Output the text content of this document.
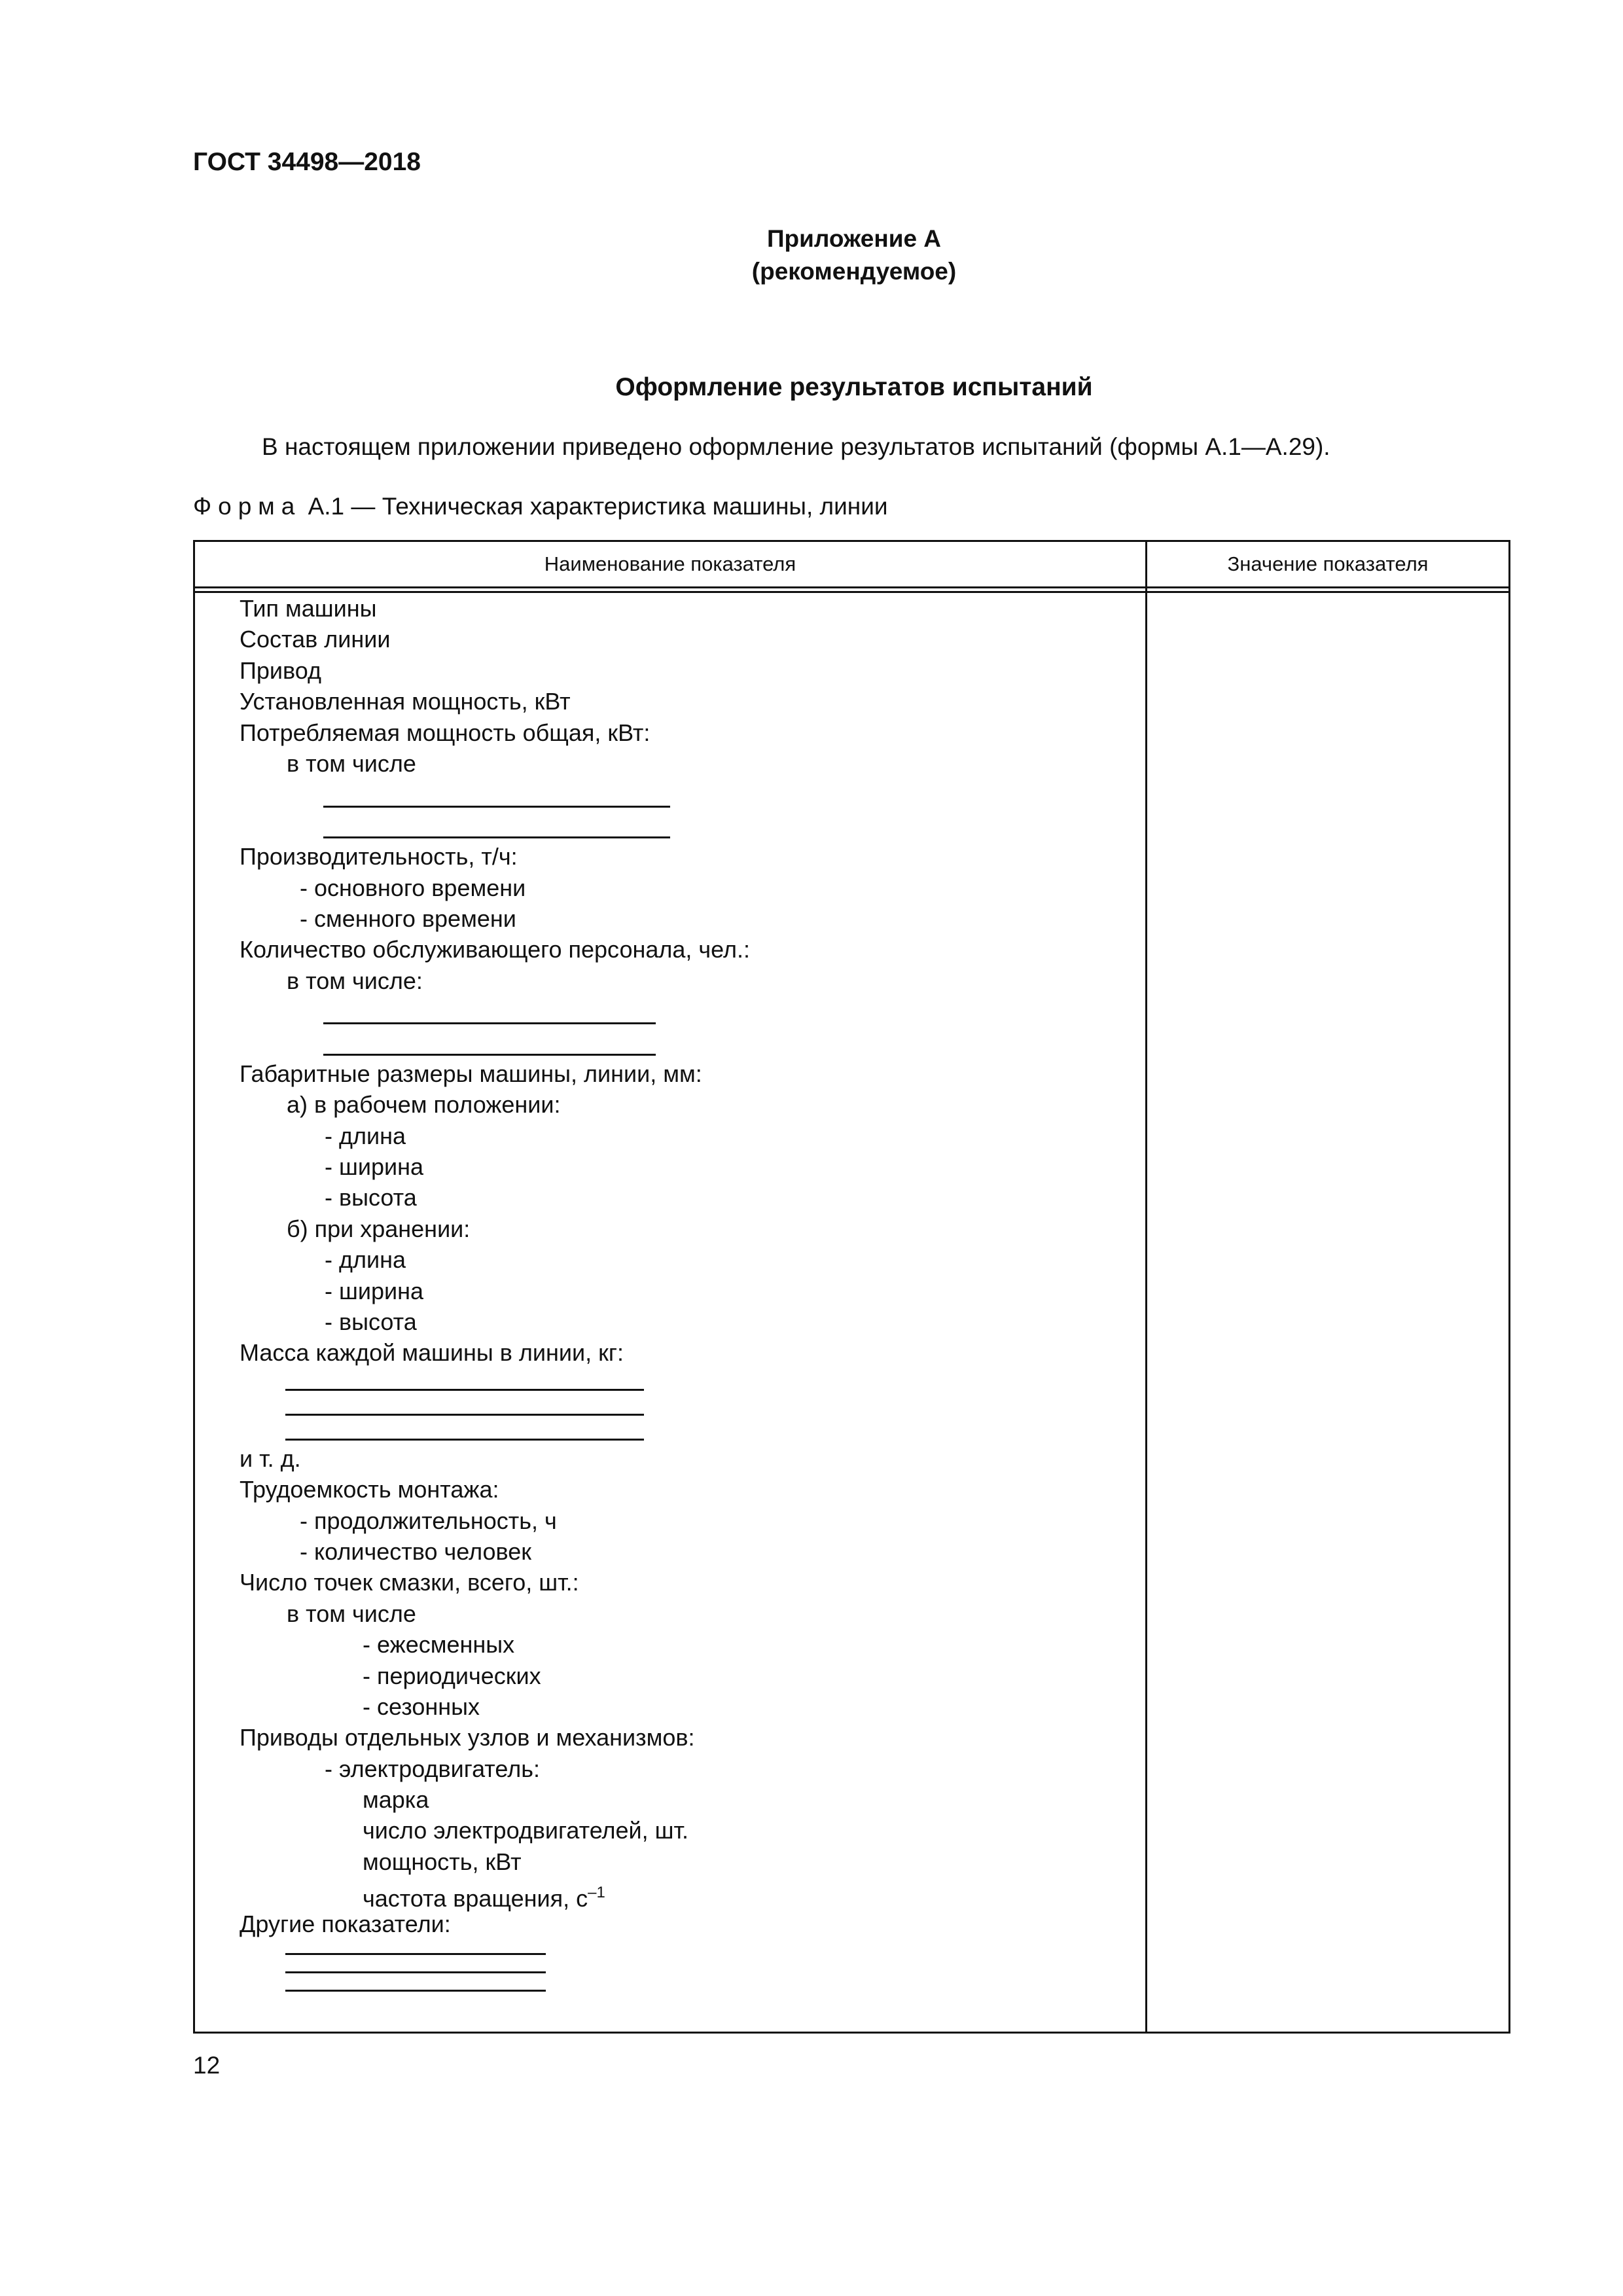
ГОСТ 34498—2018
Приложение А
(рекомендуемое)
Оформление результатов испытаний

В настоящем приложении приведено оформление результатов испытаний (формы А.1—А.29).

Форма А.1 — Техническая характеристика машины, линии

Наименование показателя	Значение показателя
Тип машины
Состав линии
Привод
Установленная мощность, кВт
Потребляемая мощность общая, кВт:
в том числе
Производительность, т/ч:
- основного времени
- сменного времени
Количество обслуживающего персонала, чел.:
в том числе:
Габаритные размеры машины, линии, мм:
а) в рабочем положении:
- длина
- ширина
- высота
б) при хранении:
- длина
- ширина
- высота
Масса каждой машины в линии, кг:
и т. д.
Трудоемкость монтажа:
- продолжительность, ч
- количество человек
Число точек смазки, всего, шт.:
в том числе
- ежесменных
- периодических
- сезонных
Приводы отдельных узлов и механизмов:
- электродвигатель:
марка
число электродвигателей, шт.
мощность, кВт
частота вращения, $с^{-1}$
Другие показатели:

12
